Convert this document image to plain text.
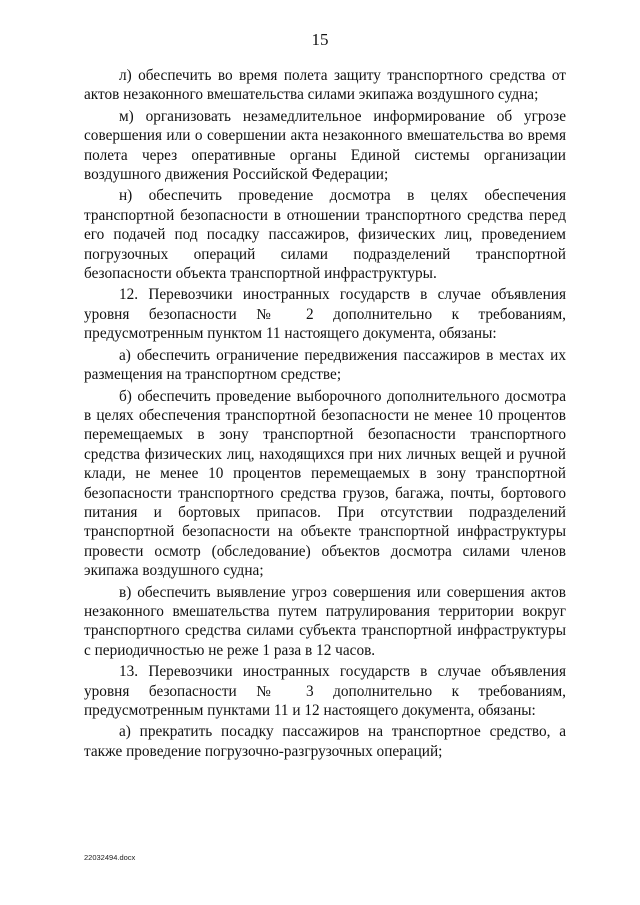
15

л) обеспечить во время полета защиту транспортного средства от актов незаконного вмешательства силами экипажа воздушного судна;

м) организовать незамедлительное информирование об угрозе совершения или о совершении акта незаконного вмешательства во время полета через оперативные органы Единой системы организации воздушного движения Российской Федерации;

н) обеспечить проведение досмотра в целях обеспечения транспортной безопасности в отношении транспортного средства перед его подачей под посадку пассажиров, физических лиц, проведением погрузочных операций силами подразделений транспортной безопасности объекта транспортной инфраструктуры.

12. Перевозчики иностранных государств в случае объявления уровня безопасности № 2 дополнительно к требованиям, предусмотренным пунктом 11 настоящего документа, обязаны:

а) обеспечить ограничение передвижения пассажиров в местах их размещения на транспортном средстве;

б) обеспечить проведение выборочного дополнительного досмотра в целях обеспечения транспортной безопасности не менее 10 процентов перемещаемых в зону транспортной безопасности транспортного средства физических лиц, находящихся при них личных вещей и ручной клади, не менее 10 процентов перемещаемых в зону транспортной безопасности транспортного средства грузов, багажа, почты, бортового питания и бортовых припасов. При отсутствии подразделений транспортной безопасности на объекте транспортной инфраструктуры провести осмотр (обследование) объектов досмотра силами членов экипажа воздушного судна;

в) обеспечить выявление угроз совершения или совершения актов незаконного вмешательства путем патрулирования территории вокруг транспортного средства силами субъекта транспортной инфраструктуры с периодичностью не реже 1 раза в 12 часов.

13. Перевозчики иностранных государств в случае объявления уровня безопасности № 3 дополнительно к требованиям, предусмотренным пунктами 11 и 12 настоящего документа, обязаны:

а) прекратить посадку пассажиров на транспортное средство, а также проведение погрузочно-разгрузочных операций;

22032494.docx
